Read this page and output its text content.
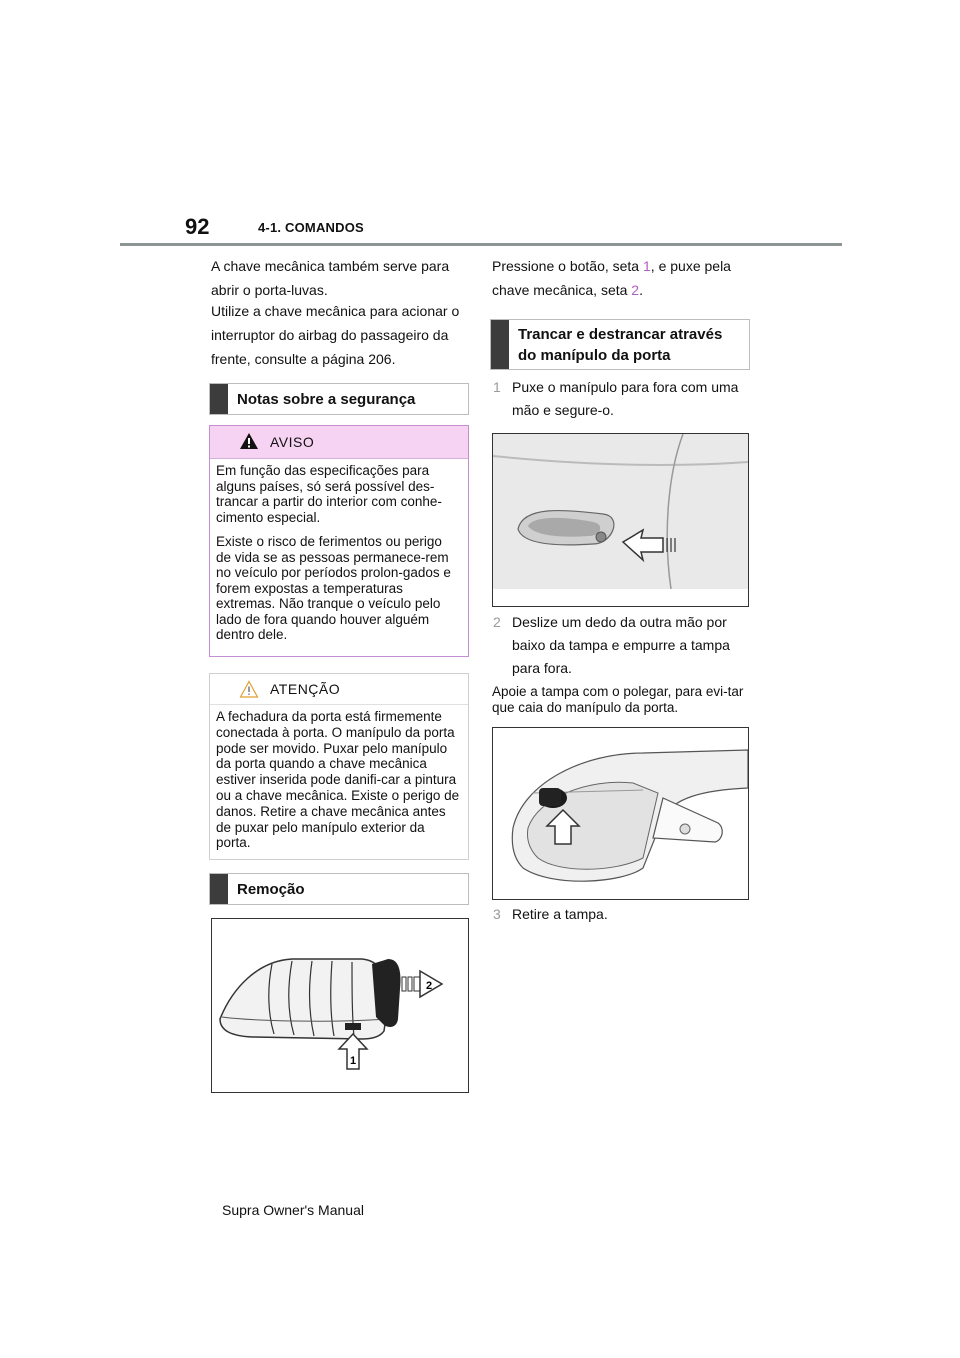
92	4-1. COMANDOS

A chave mecânica também serve para abrir o porta-luvas.

Utilize a chave mecânica para acionar o interruptor do airbag do passageiro da frente, consulte a página 206.

Notas sobre a segurança
AVISO

Em função das especificações para alguns países, só será possível des-trancar a partir do interior com conhe-cimento especial.

Existe o risco de ferimentos ou perigo de vida se as pessoas permanece-rem no veículo por períodos prolon-gados e forem expostas a temperaturas extremas. Não tranque o veículo pelo lado de fora quando houver alguém dentro dele.

ATENÇÃO

A fechadura da porta está firmemente conectada à porta. O manípulo da porta pode ser movido. Puxar pelo manípulo da porta quando a chave mecânica estiver inserida pode danifi-car a pintura ou a chave mecânica. Existe o perigo de danos. Retire a chave mecânica antes de puxar pelo manípulo exterior da porta.

Remoção
2
1

Pressione o botão, seta 1, e puxe pela chave mecânica, seta 2.

Trancar e destrancar através do manípulo da porta
1 Puxe o manípulo para fora com uma mão e segure-o.
2 Deslize um dedo da outra mão por baixo da tampa e empurre a tampa para fora.

Apoie a tampa com o polegar, para evi-tar que caia do manípulo da porta.

3 Retire a tampa.
Supra Owner's Manual
